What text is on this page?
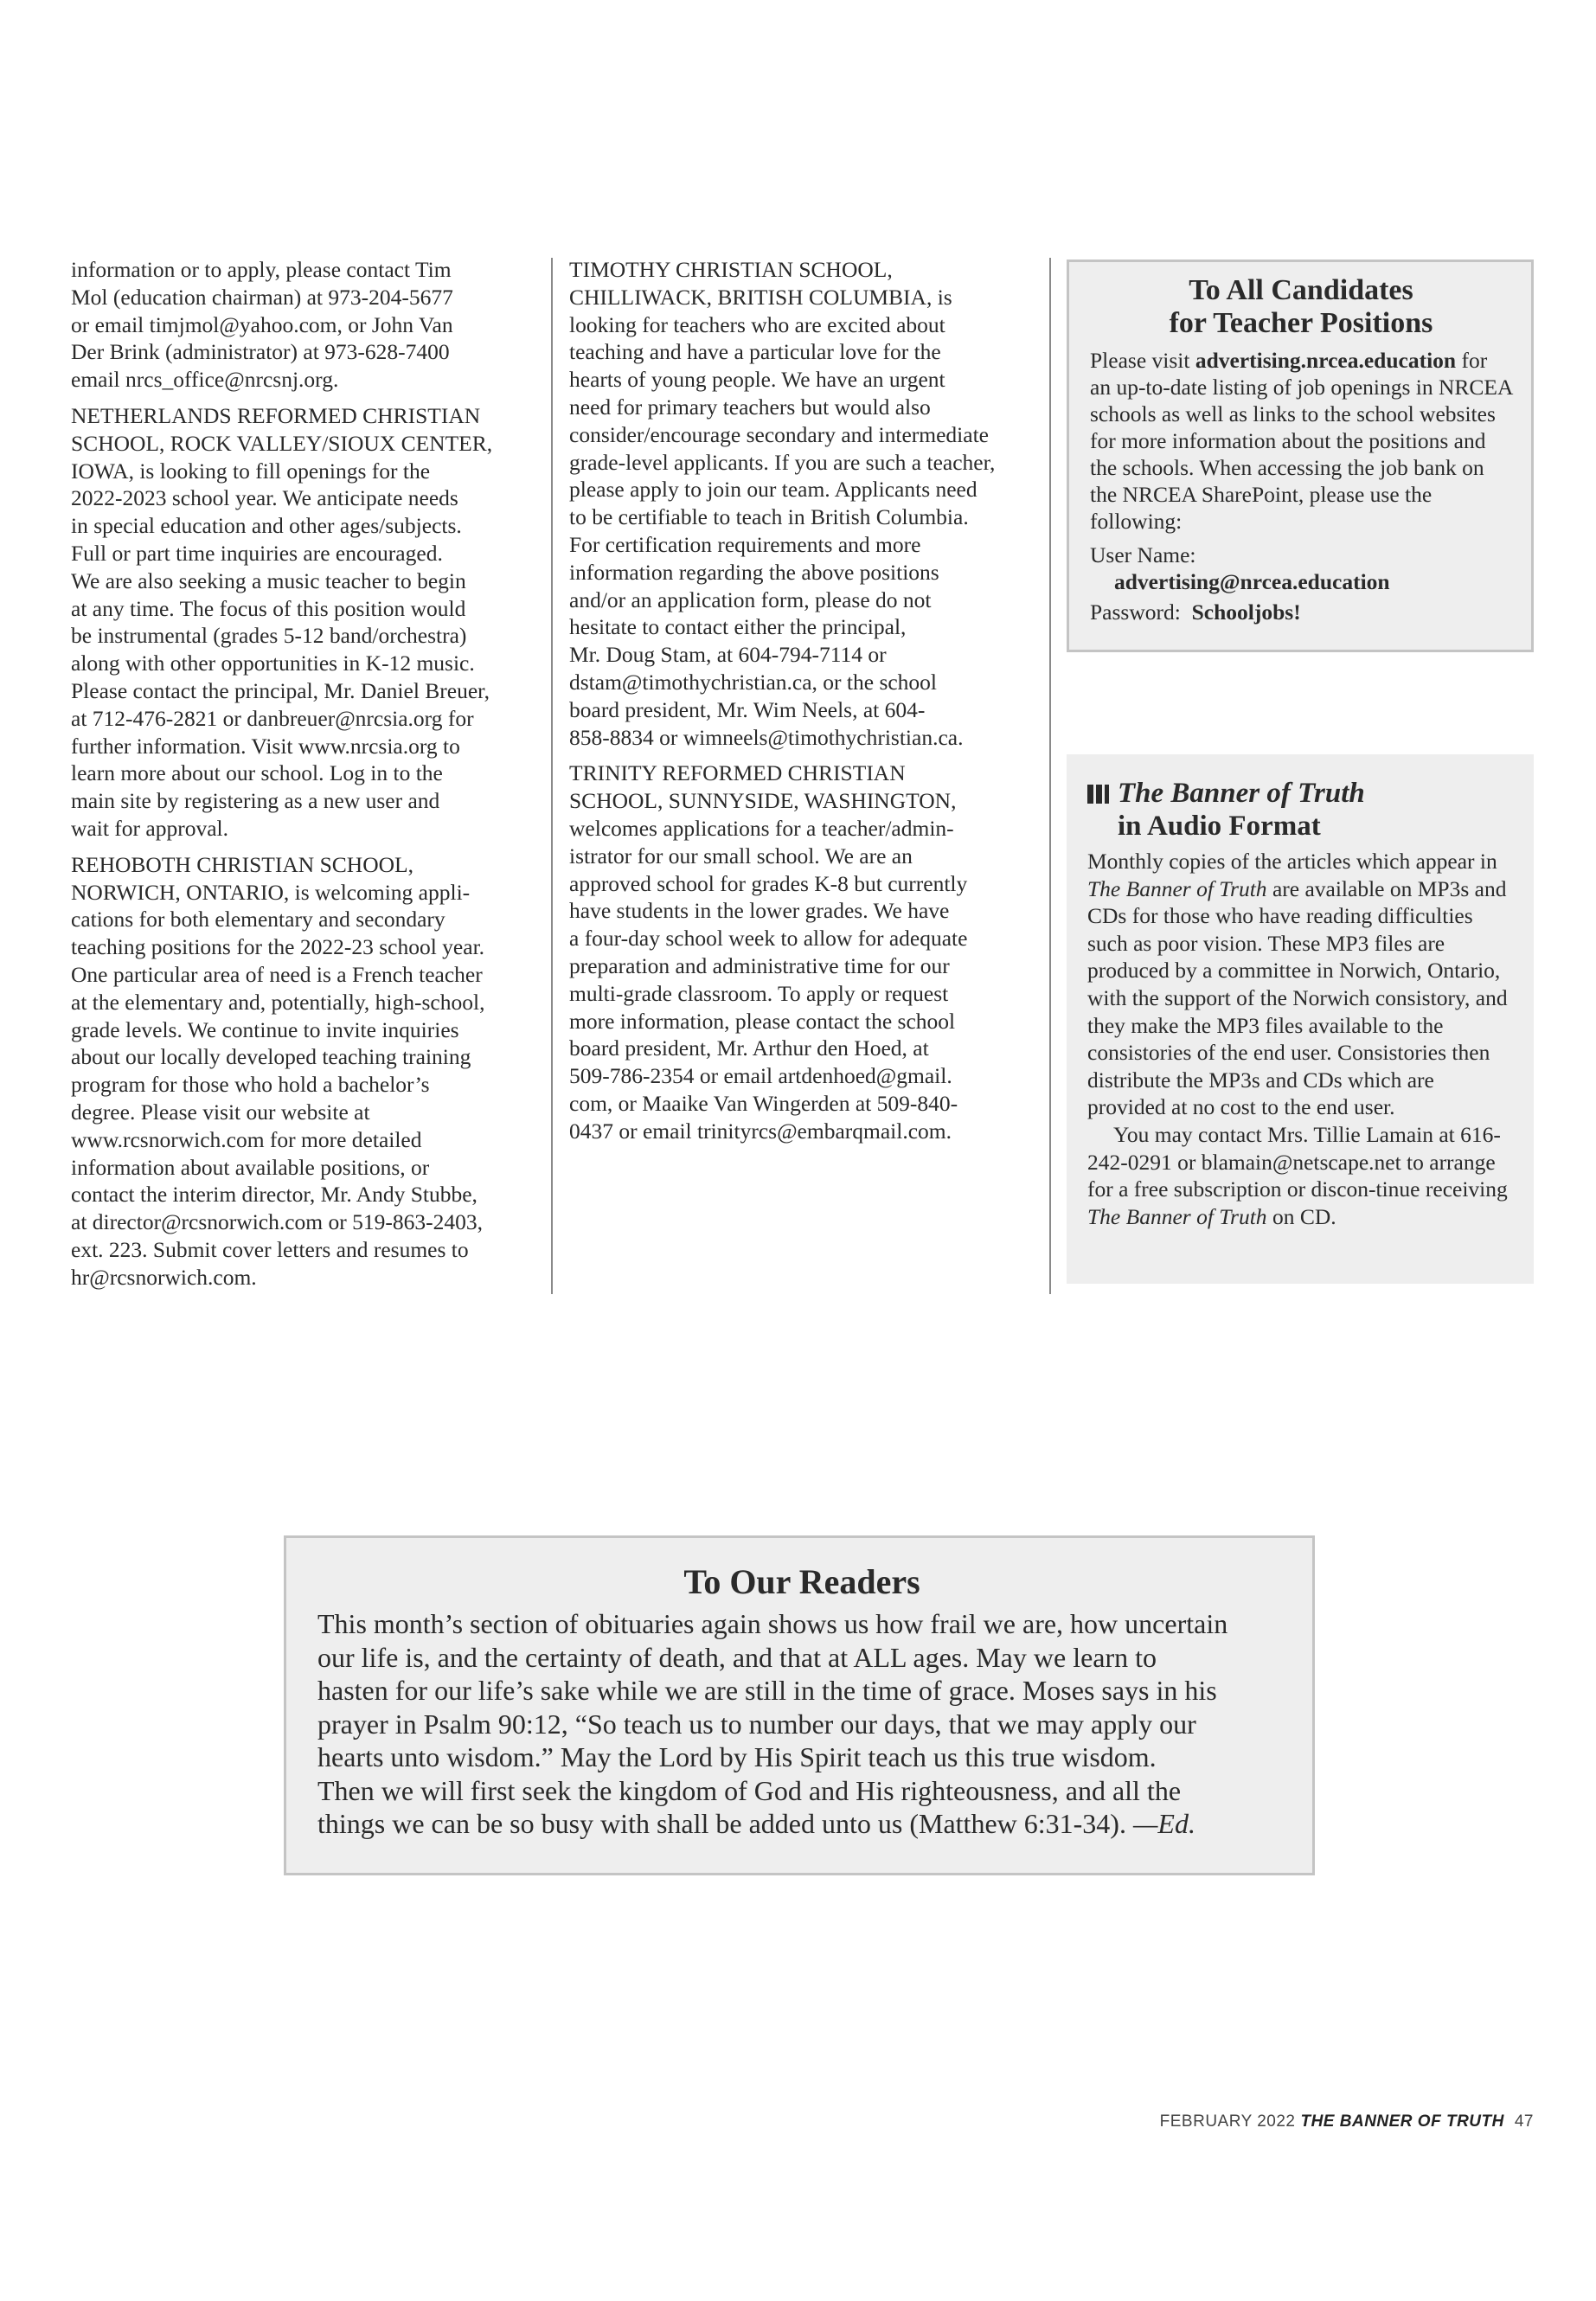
information or to apply, please contact Tim
Mol (education chairman) at 973-204-5677
or email timjmol@yahoo.com, or John Van
Der Brink (administrator) at 973-628-7400
email nrcs_office@nrcsnj.org.

NETHERLANDS REFORMED CHRISTIAN
SCHOOL, ROCK VALLEY/SIOUX CENTER,
IOWA, is looking to fill openings for the
2022-2023 school year. We anticipate needs
in special education and other ages/subjects.
Full or part time inquiries are encouraged.
We are also seeking a music teacher to begin
at any time. The focus of this position would
be instrumental (grades 5-12 band/orchestra)
along with other opportunities in K-12 music.
Please contact the principal, Mr. Daniel Breuer,
at 712-476-2821 or danbreuer@nrcsia.org for
further information. Visit www.nrcsia.org to
learn more about our school. Log in to the
main site by registering as a new user and
wait for approval.

REHOBOTH CHRISTIAN SCHOOL,
NORWICH, ONTARIO, is welcoming appli-
cations for both elementary and secondary
teaching positions for the 2022-23 school year.
One particular area of need is a French teacher
at the elementary and, potentially, high-school,
grade levels. We continue to invite inquiries
about our locally developed teaching training
program for those who hold a bachelor’s
degree. Please visit our website at
www.rcsnorwich.com for more detailed
information about available positions, or
contact the interim director, Mr. Andy Stubbe,
at director@rcsnorwich.com or 519-863-2403,
ext. 223. Submit cover letters and resumes to
hr@rcsnorwich.com.

TIMOTHY CHRISTIAN SCHOOL,
CHILLIWACK, BRITISH COLUMBIA, is
looking for teachers who are excited about
teaching and have a particular love for the
hearts of young people. We have an urgent
need for primary teachers but would also
consider/encourage secondary and intermediate
grade-level applicants. If you are such a teacher,
please apply to join our team. Applicants need
to be certifiable to teach in British Columbia.
For certification requirements and more
information regarding the above positions
and/or an application form, please do not
hesitate to contact either the principal,
Mr. Doug Stam, at 604-794-7114 or
dstam@timothychristian.ca, or the school
board president, Mr. Wim Neels, at 604-
858-8834 or wimneels@timothychristian.ca.

TRINITY REFORMED CHRISTIAN
SCHOOL, SUNNYSIDE, WASHINGTON,
welcomes applications for a teacher/admin-
istrator for our small school. We are an
approved school for grades K-8 but currently
have students in the lower grades. We have
a four-day school week to allow for adequate
preparation and administrative time for our
multi-grade classroom. To apply or request
more information, please contact the school
board president, Mr. Arthur den Hoed, at
509-786-2354 or email artdenhoed@gmail.
com, or Maaike Van Wingerden at 509-840-
0437 or email trinityrcs@embarqmail.com.

To All Candidates
for Teacher Positions

Please visit advertising.nrcea.education for an up-to-date listing of job openings in NRCEA schools as well as links to the school websites for more information about the positions and the schools. When accessing the job bank on the NRCEA SharePoint, please use the following:

User Name:
advertising@nrcea.education
Password: Schooljobs!
The Banner of Truth
in Audio Format

Monthly copies of the articles which appear in The Banner of Truth are available on MP3s and CDs for those who have reading difficulties such as poor vision. These MP3 files are produced by a committee in Norwich, Ontario, with the support of the Norwich consistory, and they make the MP3 files available to the consistories of the end user. Consistories then distribute the MP3s and CDs which are provided at no cost to the end user.

You may contact Mrs. Tillie Lamain at 616-242-0291 or blamain@netscape.net to arrange for a free subscription or discon-tinue receiving The Banner of Truth on CD.

To Our Readers

This month’s section of obituaries again shows us how frail we are, how uncertain
our life is, and the certainty of death, and that at ALL ages. May we learn to
hasten for our life’s sake while we are still in the time of grace. Moses says in his
prayer in Psalm 90:12, “So teach us to number our days, that we may apply our
hearts unto wisdom.” May the Lord by His Spirit teach us this true wisdom.
Then we will first seek the kingdom of God and His righteousness, and all the
things we can be so busy with shall be added unto us (Matthew 6:31-34). —Ed.

FEBRUARY 2022 THE BANNER OF TRUTH 47
